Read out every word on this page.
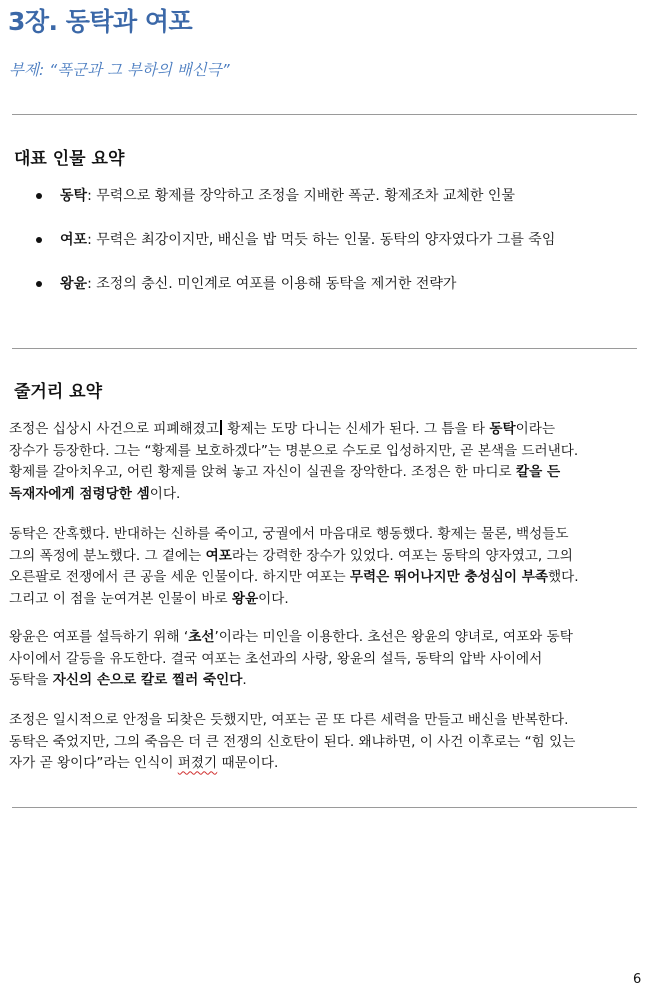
3장. 동탁과 여포

부제: “폭군과 그 부하의 배신극”

대표 인물 요약
동탁: 무력으로 황제를 장악하고 조정을 지배한 폭군. 황제조차 교체한 인물
여포: 무력은 최강이지만, 배신을 밥 먹듯 하는 인물. 동탁의 양자였다가 그를 죽임
왕윤: 조정의 충신. 미인계로 여포를 이용해 동탁을 제거한 전략가
줄거리 요약

조정은 십상시 사건으로 피폐해졌고 황제는 도망 다니는 신세가 된다. 그 틈을 타 동탁이라는
장수가 등장한다. 그는 “황제를 보호하겠다”는 명분으로 수도로 입성하지만, 곧 본색을 드러낸다.
황제를 갈아치우고, 어린 황제를 앉혀 놓고 자신이 실권을 장악한다. 조정은 한 마디로 칼을 든
독재자에게 점령당한 셈이다.

동탁은 잔혹했다. 반대하는 신하를 죽이고, 궁궐에서 마음대로 행동했다. 황제는 물론, 백성들도
그의 폭정에 분노했다. 그 곁에는 여포라는 강력한 장수가 있었다. 여포는 동탁의 양자였고, 그의
오른팔로 전쟁에서 큰 공을 세운 인물이다. 하지만 여포는 무력은 뛰어나지만 충성심이 부족했다.
그리고 이 점을 눈여겨본 인물이 바로 왕윤이다.

왕윤은 여포를 설득하기 위해 ‘초선’이라는 미인을 이용한다. 초선은 왕윤의 양녀로, 여포와 동탁
사이에서 갈등을 유도한다. 결국 여포는 초선과의 사랑, 왕윤의 설득, 동탁의 압박 사이에서
동탁을 자신의 손으로 칼로 찔러 죽인다.

조정은 일시적으로 안정을 되찾은 듯했지만, 여포는 곧 또 다른 세력을 만들고 배신을 반복한다.
동탁은 죽었지만, 그의 죽음은 더 큰 전쟁의 신호탄이 된다. 왜냐하면, 이 사건 이후로는 “힘 있는
자가 곧 왕이다”라는 인식이 퍼졌기 때문이다.

6
